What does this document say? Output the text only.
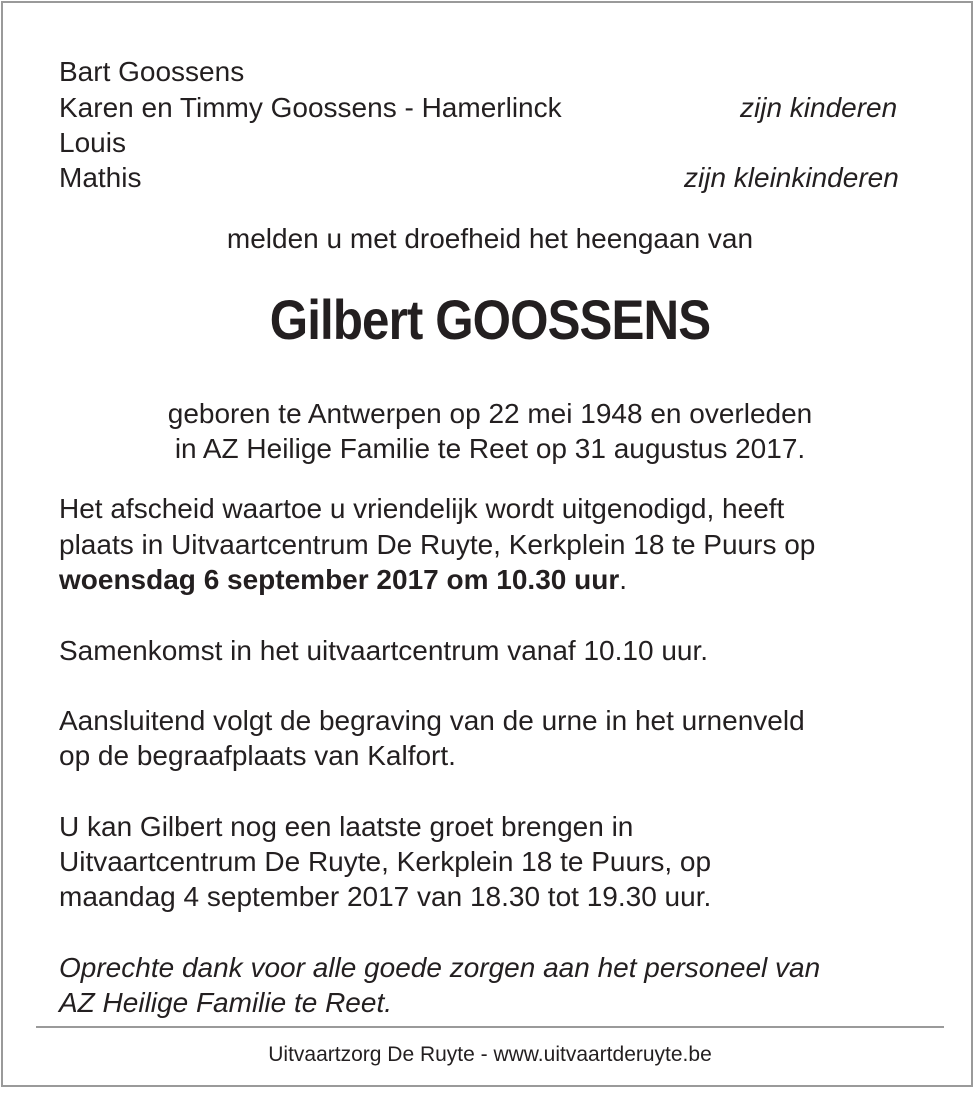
Bart Goossens
Karen en Timmy Goossens - Hamerlinck	zijn kinderen
Louis
Mathis	zijn kleinkinderen
melden u met droefheid het heengaan van
Gilbert GOOSSENS
geboren te Antwerpen op 22 mei 1948 en overleden
in AZ Heilige Familie te Reet op 31 augustus 2017.
Het afscheid waartoe u vriendelijk wordt uitgenodigd, heeft
plaats in Uitvaartcentrum De Ruyte, Kerkplein 18 te Puurs op
woensdag 6 september 2017 om 10.30 uur.
Samenkomst in het uitvaartcentrum vanaf 10.10 uur.
Aansluitend volgt de begraving van de urne in het urnenveld
op de begraafplaats van Kalfort.
U kan Gilbert nog een laatste groet brengen in
Uitvaartcentrum De Ruyte, Kerkplein 18 te Puurs, op
maandag 4 september 2017 van 18.30 tot 19.30 uur.
Oprechte dank voor alle goede zorgen aan het personeel van
AZ Heilige Familie te Reet.
Uitvaartzorg De Ruyte - www.uitvaartderuyte.be
